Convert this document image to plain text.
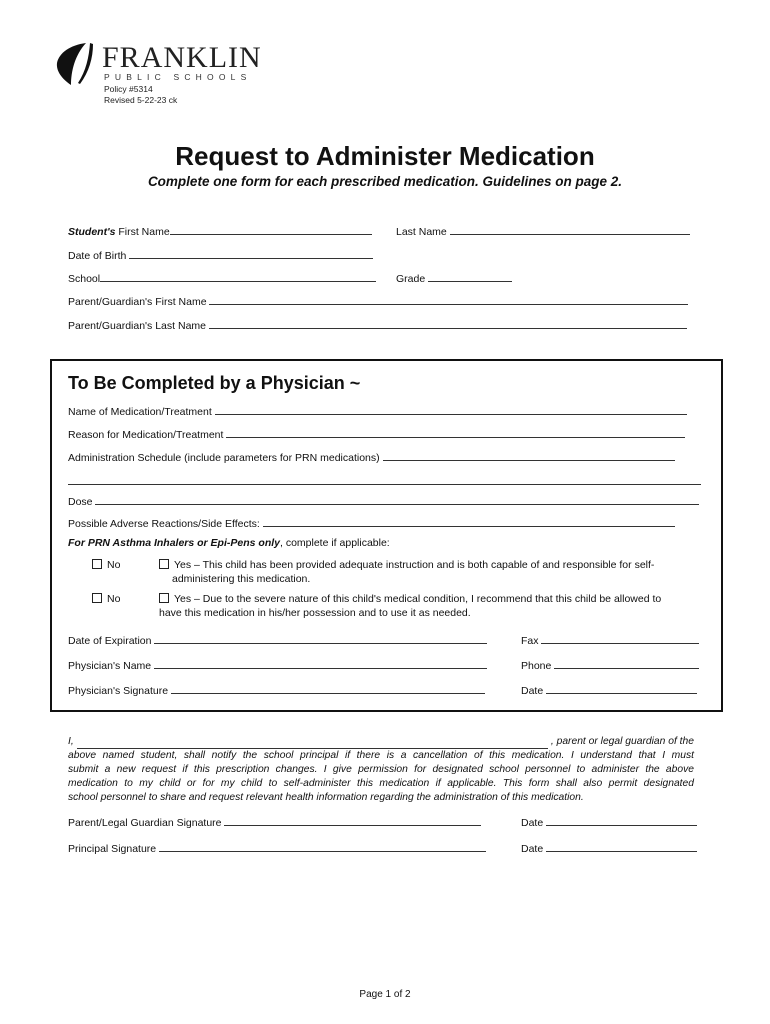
FRANKLIN
PUBLIC SCHOOLS
Policy #5314
Revised 5-22-23 ck
Request to Administer Medication
Complete one form for each prescribed medication. Guidelines on page 2.
Student's First Name	Last Name
Date of Birth
School	Grade
Parent/Guardian's First Name
Parent/Guardian's Last Name
To Be Completed by a Physician ~
Name of Medication/Treatment
Reason for Medication/Treatment
Administration Schedule (include parameters for PRN medications)
Dose
Possible Adverse Reactions/Side Effects:
For PRN Asthma Inhalers or Epi-Pens only, complete if applicable:
No	Yes – This child has been provided adequate instruction and is both capable of and responsible for self-
administering this medication.
No	Yes – Due to the severe nature of this child's medical condition, I recommend that this child be allowed to
have this medication in his/her possession and to use it as needed.
Date of Expiration	Fax
Physician's Name	Phone
Physician's Signature	Date
I,	, parent or legal guardian of the
above named student, shall notify the school principal if there is a cancellation of this medication. I understand that I must
submit a new request if this prescription changes. I give permission for designated school personnel to administer the above
medication to my child or for my child to self-administer this medication if applicable. This form shall also permit designated
school personnel to share and request relevant health information regarding the administration of this medication.
Parent/Legal Guardian Signature	Date
Principal Signature	Date
Page 1 of 2
